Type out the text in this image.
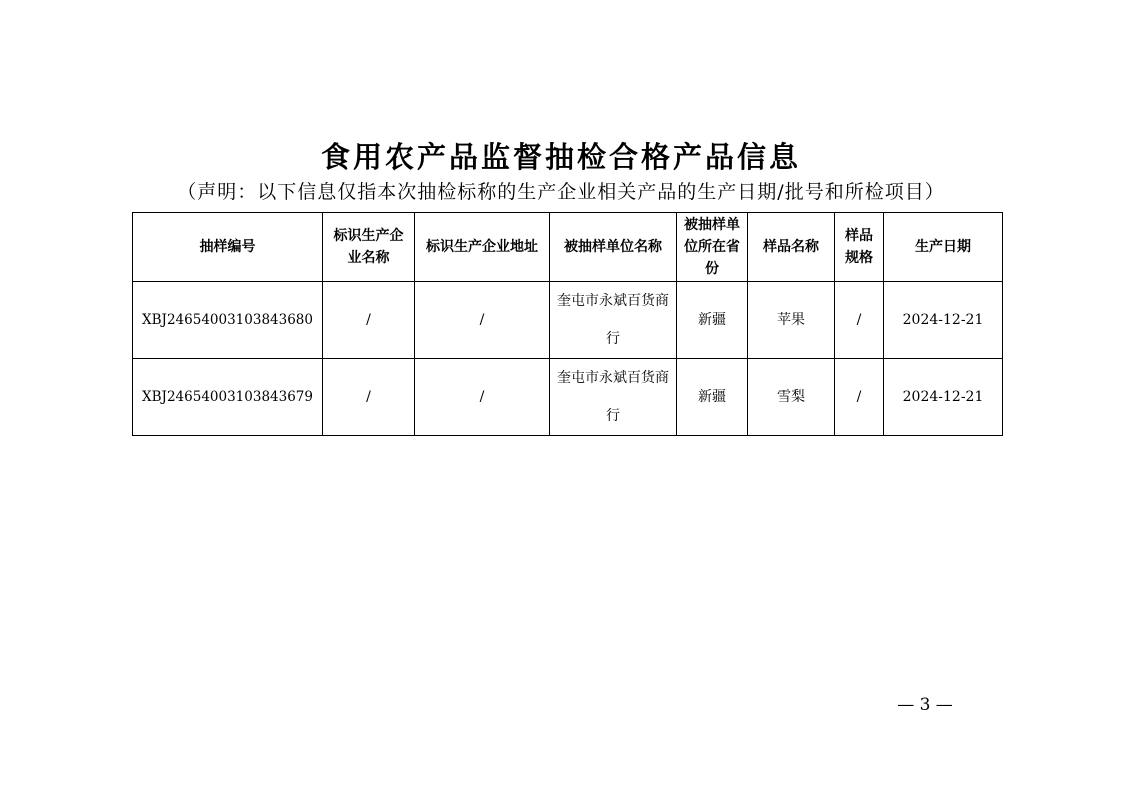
食用农产品监督抽检合格产品信息
（声明：以下信息仅指本次抽检标称的生产企业相关产品的生产日期/批号和所检项目）
抽样编号	标识生产企业名称	标识生产企业地址	被抽样单位名称	被抽样单位所在省份	样品名称	样品规格	生产日期
XBJ24654003103843680	/	/	奎屯市永斌百货商行	新疆	苹果	/	2024-12-21
XBJ24654003103843679	/	/	奎屯市永斌百货商行	新疆	雪梨	/	2024-12-21
— 3 —
